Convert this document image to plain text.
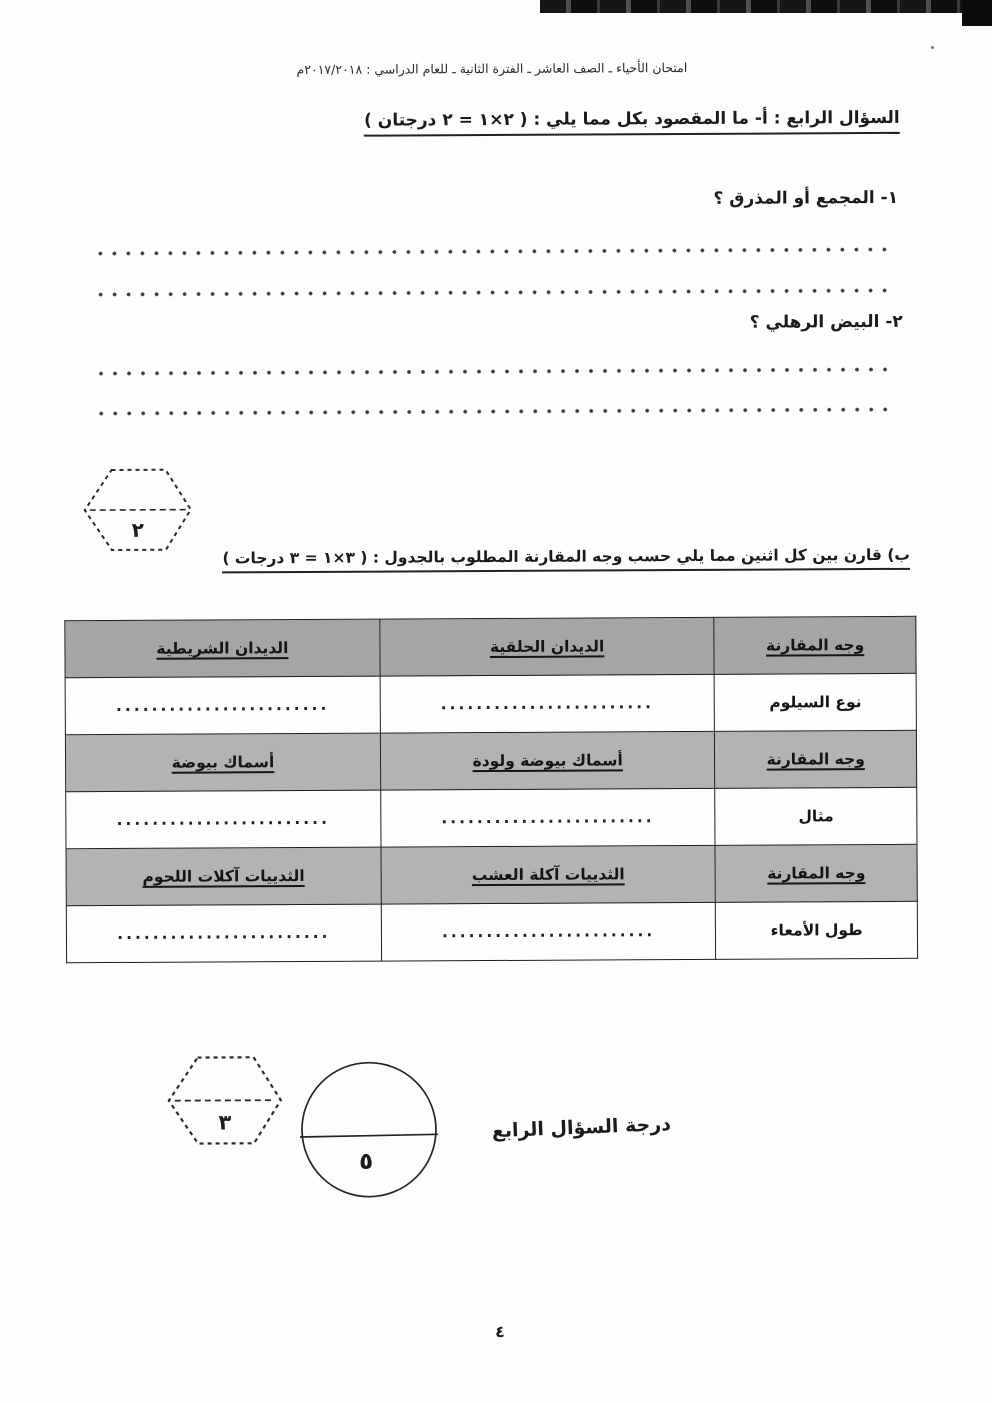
امتحان الأحياء ـ الصف العاشر ـ الفترة الثانية ـ للعام الدراسي : ٢٠١٧/٢٠١٨م
السؤال الرابع : أ- ما المقصود بكل مما يلي : ( ٢×١ = ٢ درجتان )
١- المجمع أو المذرق ؟
٢- البيض الرهلي ؟
٢
ب) قارن بين كل اثنين مما يلي حسب وجه المقارنة المطلوب بالجدول : ( ٣×١ = ٣ درجات )
وجه المقارنة	الديدان الحلقية	الديدان الشريطية
نوع السيلوم	........................	........................
وجه المقارنة	أسماك بيوضة ولودة	أسماك بيوضة
مثال	........................	........................
وجه المقارنة	الثدييات آكلة العشب	الثدييات آكلات اللحوم
طول الأمعاء	........................	........................
٣
٥
درجة السؤال الرابع
٤
